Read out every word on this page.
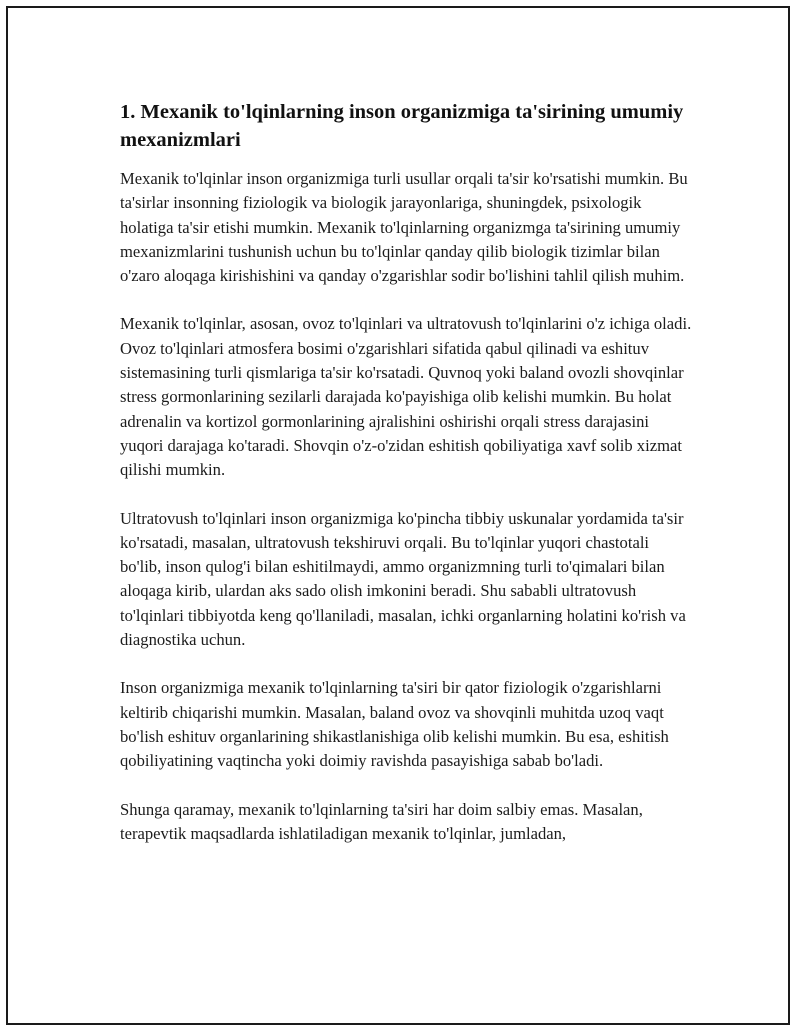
1. Mexanik to'lqinlarning inson organizmiga ta'sirining umumiy mexanizmlari

Mexanik to'lqinlar inson organizmiga turli usullar orqali ta'sir ko'rsatishi mumkin. Bu ta'sirlar insonning fiziologik va biologik jarayonlariga, shuningdek, psixologik holatiga ta'sir etishi mumkin. Mexanik to'lqinlarning organizmga ta'sirining umumiy mexanizmlarini tushunish uchun bu to'lqinlar qanday qilib biologik tizimlar bilan o'zaro aloqaga kirishishini va qanday o'zgarishlar sodir bo'lishini tahlil qilish muhim.

Mexanik to'lqinlar, asosan, ovoz to'lqinlari va ultratovush to'lqinlarini o'z ichiga oladi. Ovoz to'lqinlari atmosfera bosimi o'zgarishlari sifatida qabul qilinadi va eshituv sistemasining turli qismlariga ta'sir ko'rsatadi. Quvnoq yoki baland ovozli shovqinlar stress gormonlarining sezilarli darajada ko'payishiga olib kelishi mumkin. Bu holat adrenalin va kortizol gormonlarining ajralishini oshirishi orqali stress darajasini yuqori darajaga ko'taradi. Shovqin o'z-o'zidan eshitish qobiliyatiga xavf solib xizmat qilishi mumkin.

Ultratovush to'lqinlari inson organizmiga ko'pincha tibbiy uskunalar yordamida ta'sir ko'rsatadi, masalan, ultratovush tekshiruvi orqali. Bu to'lqinlar yuqori chastotali bo'lib, inson qulog'i bilan eshitilmaydi, ammo organizmning turli to'qimalari bilan aloqaga kirib, ulardan aks sado olish imkonini beradi. Shu sababli ultratovush to'lqinlari tibbiyotda keng qo'llaniladi, masalan, ichki organlarning holatini ko'rish va diagnostika uchun.

Inson organizmiga mexanik to'lqinlarning ta'siri bir qator fiziologik o'zgarishlarni keltirib chiqarishi mumkin. Masalan, baland ovoz va shovqinli muhitda uzoq vaqt bo'lish eshituv organlarining shikastlanishiga olib kelishi mumkin. Bu esa, eshitish qobiliyatining vaqtincha yoki doimiy ravishda pasayishiga sabab bo'ladi.

Shunga qaramay, mexanik to'lqinlarning ta'siri har doim salbiy emas. Masalan, terapevtik maqsadlarda ishlatiladigan mexanik to'lqinlar, jumladan,
